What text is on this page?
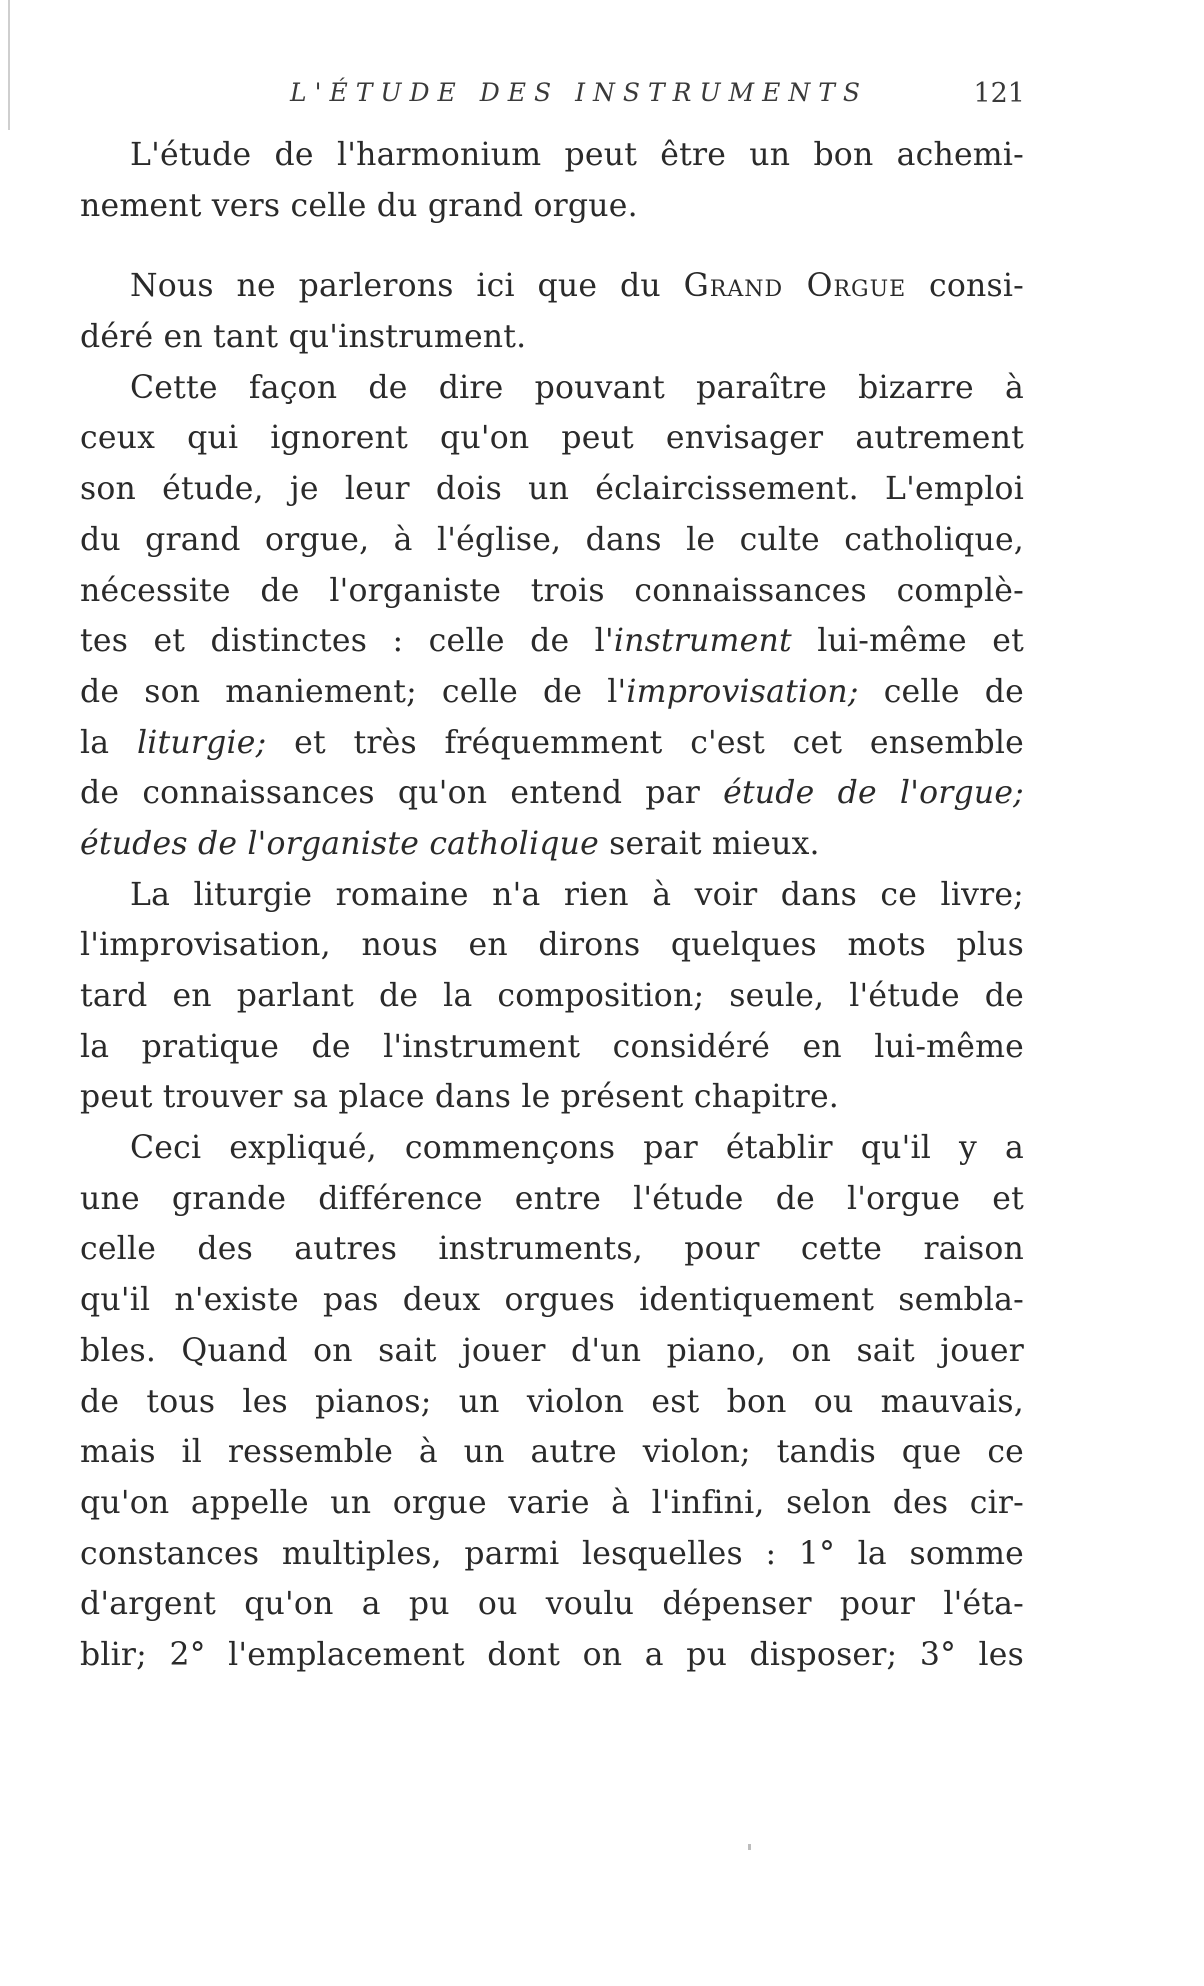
L'ÉTUDE DES INSTRUMENTS	121
L'étude de l'harmonium peut être un bon achemi-
nement vers celle du grand orgue.
Nous ne parlerons ici que du Grand Orgue consi-
déré en tant qu'instrument.
Cette façon de dire pouvant paraître bizarre à
ceux qui ignorent qu'on peut envisager autrement
son étude, je leur dois un éclaircissement. L'emploi
du grand orgue, à l'église, dans le culte catholique,
nécessite de l'organiste trois connaissances complè-
tes et distinctes : celle de l'instrument lui-même et
de son maniement; celle de l'improvisation; celle de
la liturgie; et très fréquemment c'est cet ensemble
de connaissances qu'on entend par étude de l'orgue;
études de l'organiste catholique serait mieux.
La liturgie romaine n'a rien à voir dans ce livre;
l'improvisation, nous en dirons quelques mots plus
tard en parlant de la composition; seule, l'étude de
la pratique de l'instrument considéré en lui-même
peut trouver sa place dans le présent chapitre.
Ceci expliqué, commençons par établir qu'il y a
une grande différence entre l'étude de l'orgue et
celle des autres instruments, pour cette raison
qu'il n'existe pas deux orgues identiquement sembla-
bles. Quand on sait jouer d'un piano, on sait jouer
de tous les pianos; un violon est bon ou mauvais,
mais il ressemble à un autre violon; tandis que ce
qu'on appelle un orgue varie à l'infini, selon des cir-
constances multiples, parmi lesquelles : 1° la somme
d'argent qu'on a pu ou voulu dépenser pour l'éta-
blir; 2° l'emplacement dont on a pu disposer; 3° les
